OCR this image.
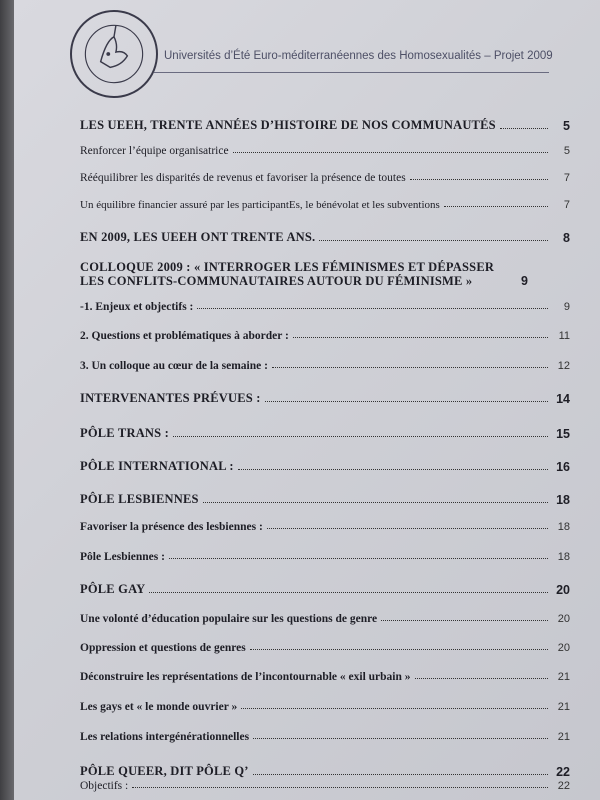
Universités d’Été Euro-méditerranéennes des Homosexualités – Projet 2009
LES UEEH, TRENTE ANNÉES D’HISTOIRE DE NOS COMMUNAUTÉS	5
Renforcer l’équipe organisatrice	5
Rééquilibrer les disparités de revenus et favoriser la présence de toutes	7
Un équilibre financier assuré par les participantEs, le bénévolat et les subventions	7
EN 2009, LES UEEH ONT TRENTE ANS.	8
COLLOQUE 2009 : « INTERROGER LES FÉMINISMES ET DÉPASSER LES CONFLITS-COMMUNAUTAIRES AUTOUR DU FÉMINISME »	9
-1. Enjeux et objectifs :	9
2. Questions et problématiques à aborder :	11
3. Un colloque au cœur de la semaine :	12
INTERVENANTES PRÉVUES :	14
PÔLE TRANS :	15
PÔLE INTERNATIONAL :	16
PÔLE LESBIENNES	18
Favoriser la présence des lesbiennes :	18
Pôle Lesbiennes :	18
PÔLE GAY	20
Une volonté d’éducation populaire sur les questions de genre	20
Oppression et questions de genres	20
Déconstruire les représentations de l’incontournable « exil urbain »	21
Les gays et « le monde ouvrier »	21
Les relations intergénérationnelles	21
PÔLE QUEER, DIT PÔLE Q’	22
Objectifs :	22
